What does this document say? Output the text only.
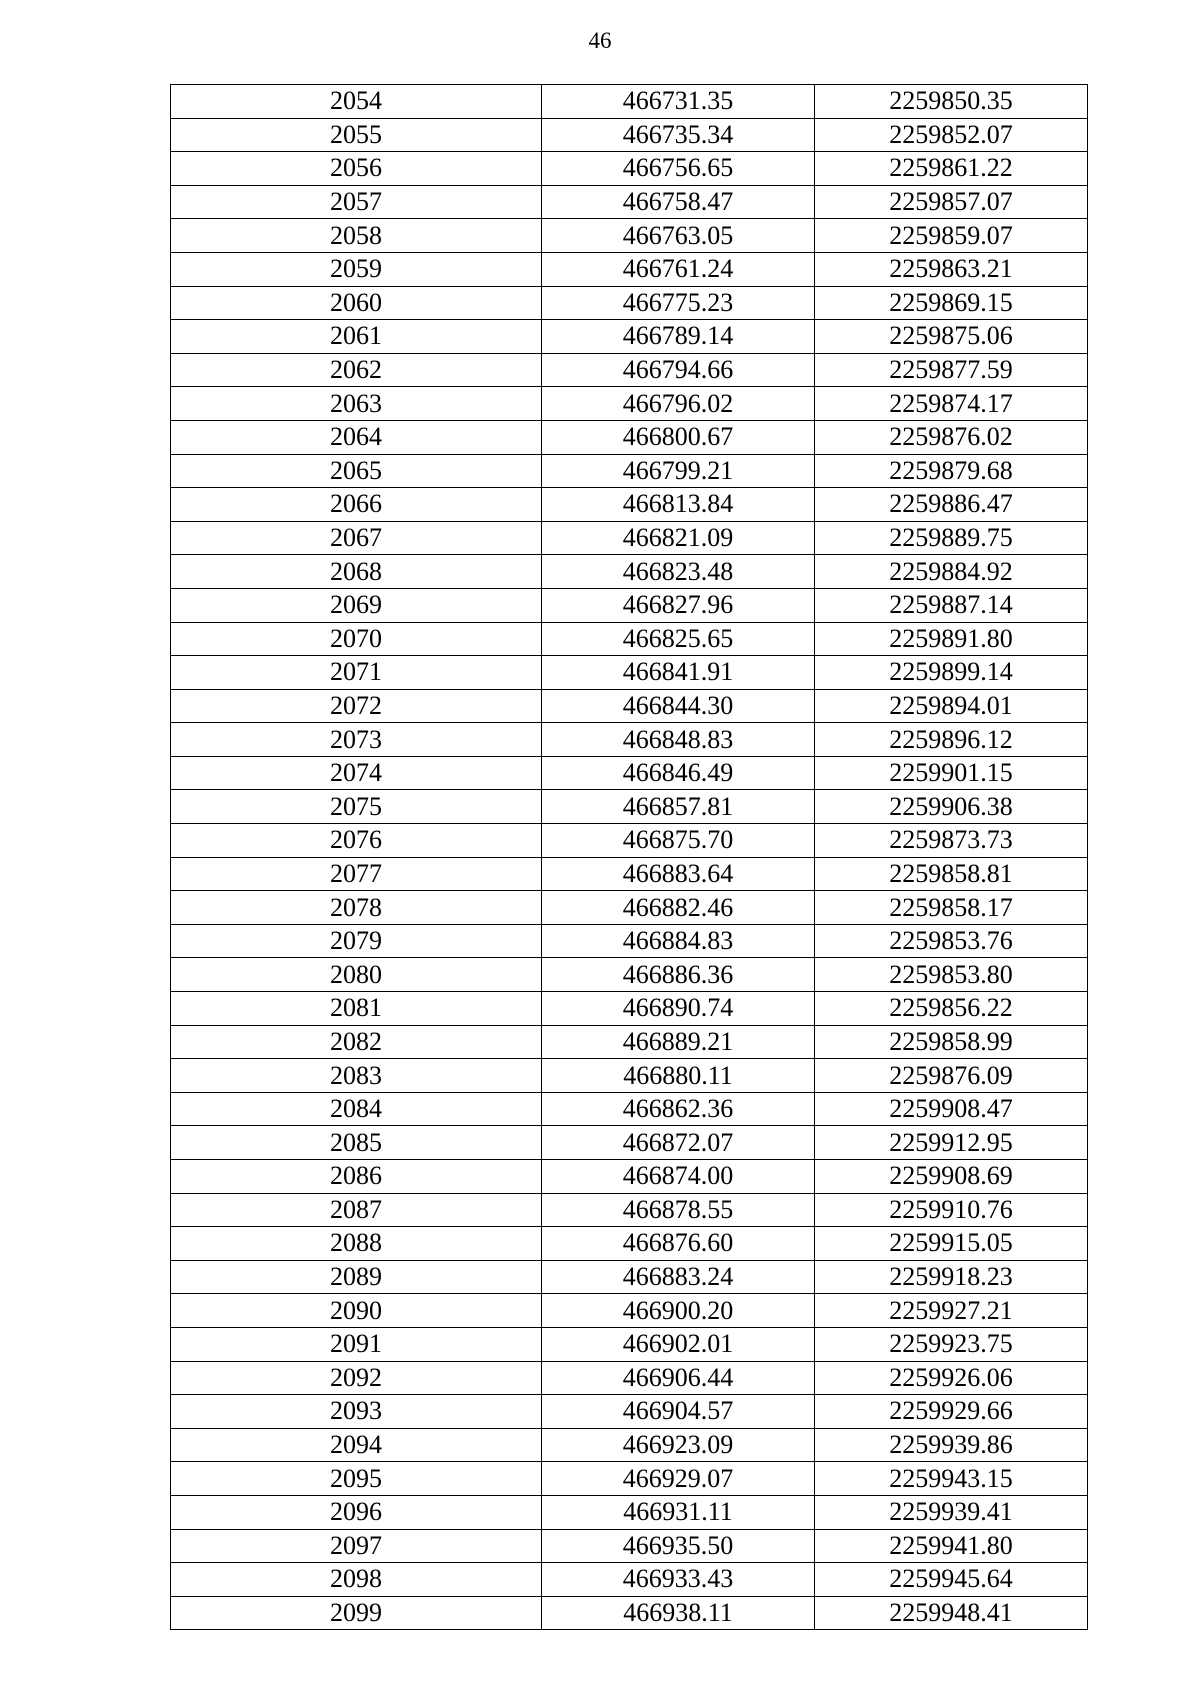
46
2054	466731.35	2259850.35
2055	466735.34	2259852.07
2056	466756.65	2259861.22
2057	466758.47	2259857.07
2058	466763.05	2259859.07
2059	466761.24	2259863.21
2060	466775.23	2259869.15
2061	466789.14	2259875.06
2062	466794.66	2259877.59
2063	466796.02	2259874.17
2064	466800.67	2259876.02
2065	466799.21	2259879.68
2066	466813.84	2259886.47
2067	466821.09	2259889.75
2068	466823.48	2259884.92
2069	466827.96	2259887.14
2070	466825.65	2259891.80
2071	466841.91	2259899.14
2072	466844.30	2259894.01
2073	466848.83	2259896.12
2074	466846.49	2259901.15
2075	466857.81	2259906.38
2076	466875.70	2259873.73
2077	466883.64	2259858.81
2078	466882.46	2259858.17
2079	466884.83	2259853.76
2080	466886.36	2259853.80
2081	466890.74	2259856.22
2082	466889.21	2259858.99
2083	466880.11	2259876.09
2084	466862.36	2259908.47
2085	466872.07	2259912.95
2086	466874.00	2259908.69
2087	466878.55	2259910.76
2088	466876.60	2259915.05
2089	466883.24	2259918.23
2090	466900.20	2259927.21
2091	466902.01	2259923.75
2092	466906.44	2259926.06
2093	466904.57	2259929.66
2094	466923.09	2259939.86
2095	466929.07	2259943.15
2096	466931.11	2259939.41
2097	466935.50	2259941.80
2098	466933.43	2259945.64
2099	466938.11	2259948.41
